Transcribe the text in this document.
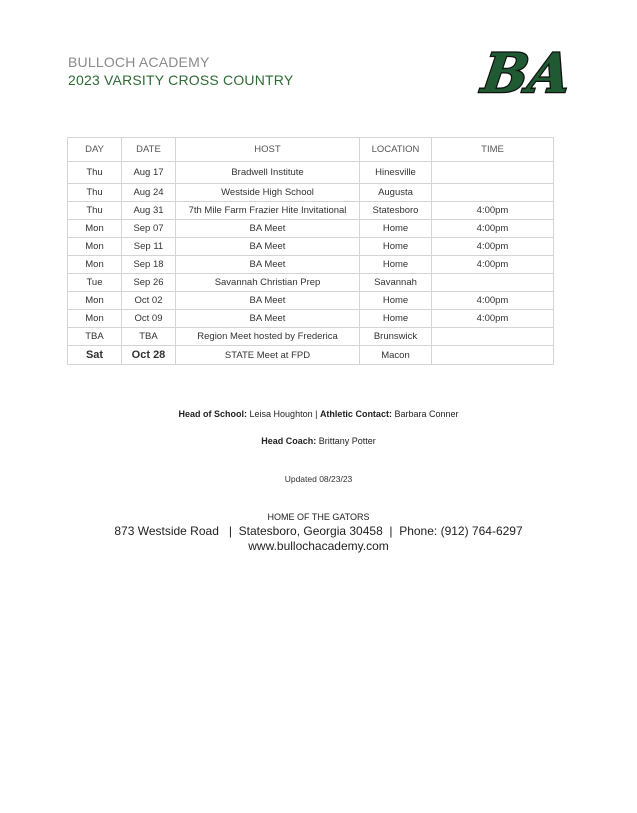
BULLOCH ACADEMY
2023 VARSITY CROSS COUNTRY	BA
DAY	DATE	HOST	LOCATION	TIME
Thu	Aug 17	Bradwell Institute	Hinesville	
Thu	Aug 24	Westside High School	Augusta	
Thu	Aug 31	7th Mile Farm Frazier Hite Invitational	Statesboro	4:00pm
Mon	Sep 07	BA Meet	Home	4:00pm
Mon	Sep 11	BA Meet	Home	4:00pm
Mon	Sep 18	BA Meet	Home	4:00pm
Tue	Sep 26	Savannah Christian Prep	Savannah	
Mon	Oct 02	BA Meet	Home	4:00pm
Mon	Oct 09	BA Meet	Home	4:00pm
TBA	TBA	Region Meet hosted by Frederica	Brunswick	
Sat	Oct 28	STATE Meet at FPD	Macon	
Head of School: Leisa Houghton | Athletic Contact: Barbara Conner
Head Coach: Brittany Potter
Updated 08/23/23
HOME OF THE GATORS
873 Westside Road   |  Statesboro, Georgia 30458  |  Phone: (912) 764-6297
www.bullochacademy.com
